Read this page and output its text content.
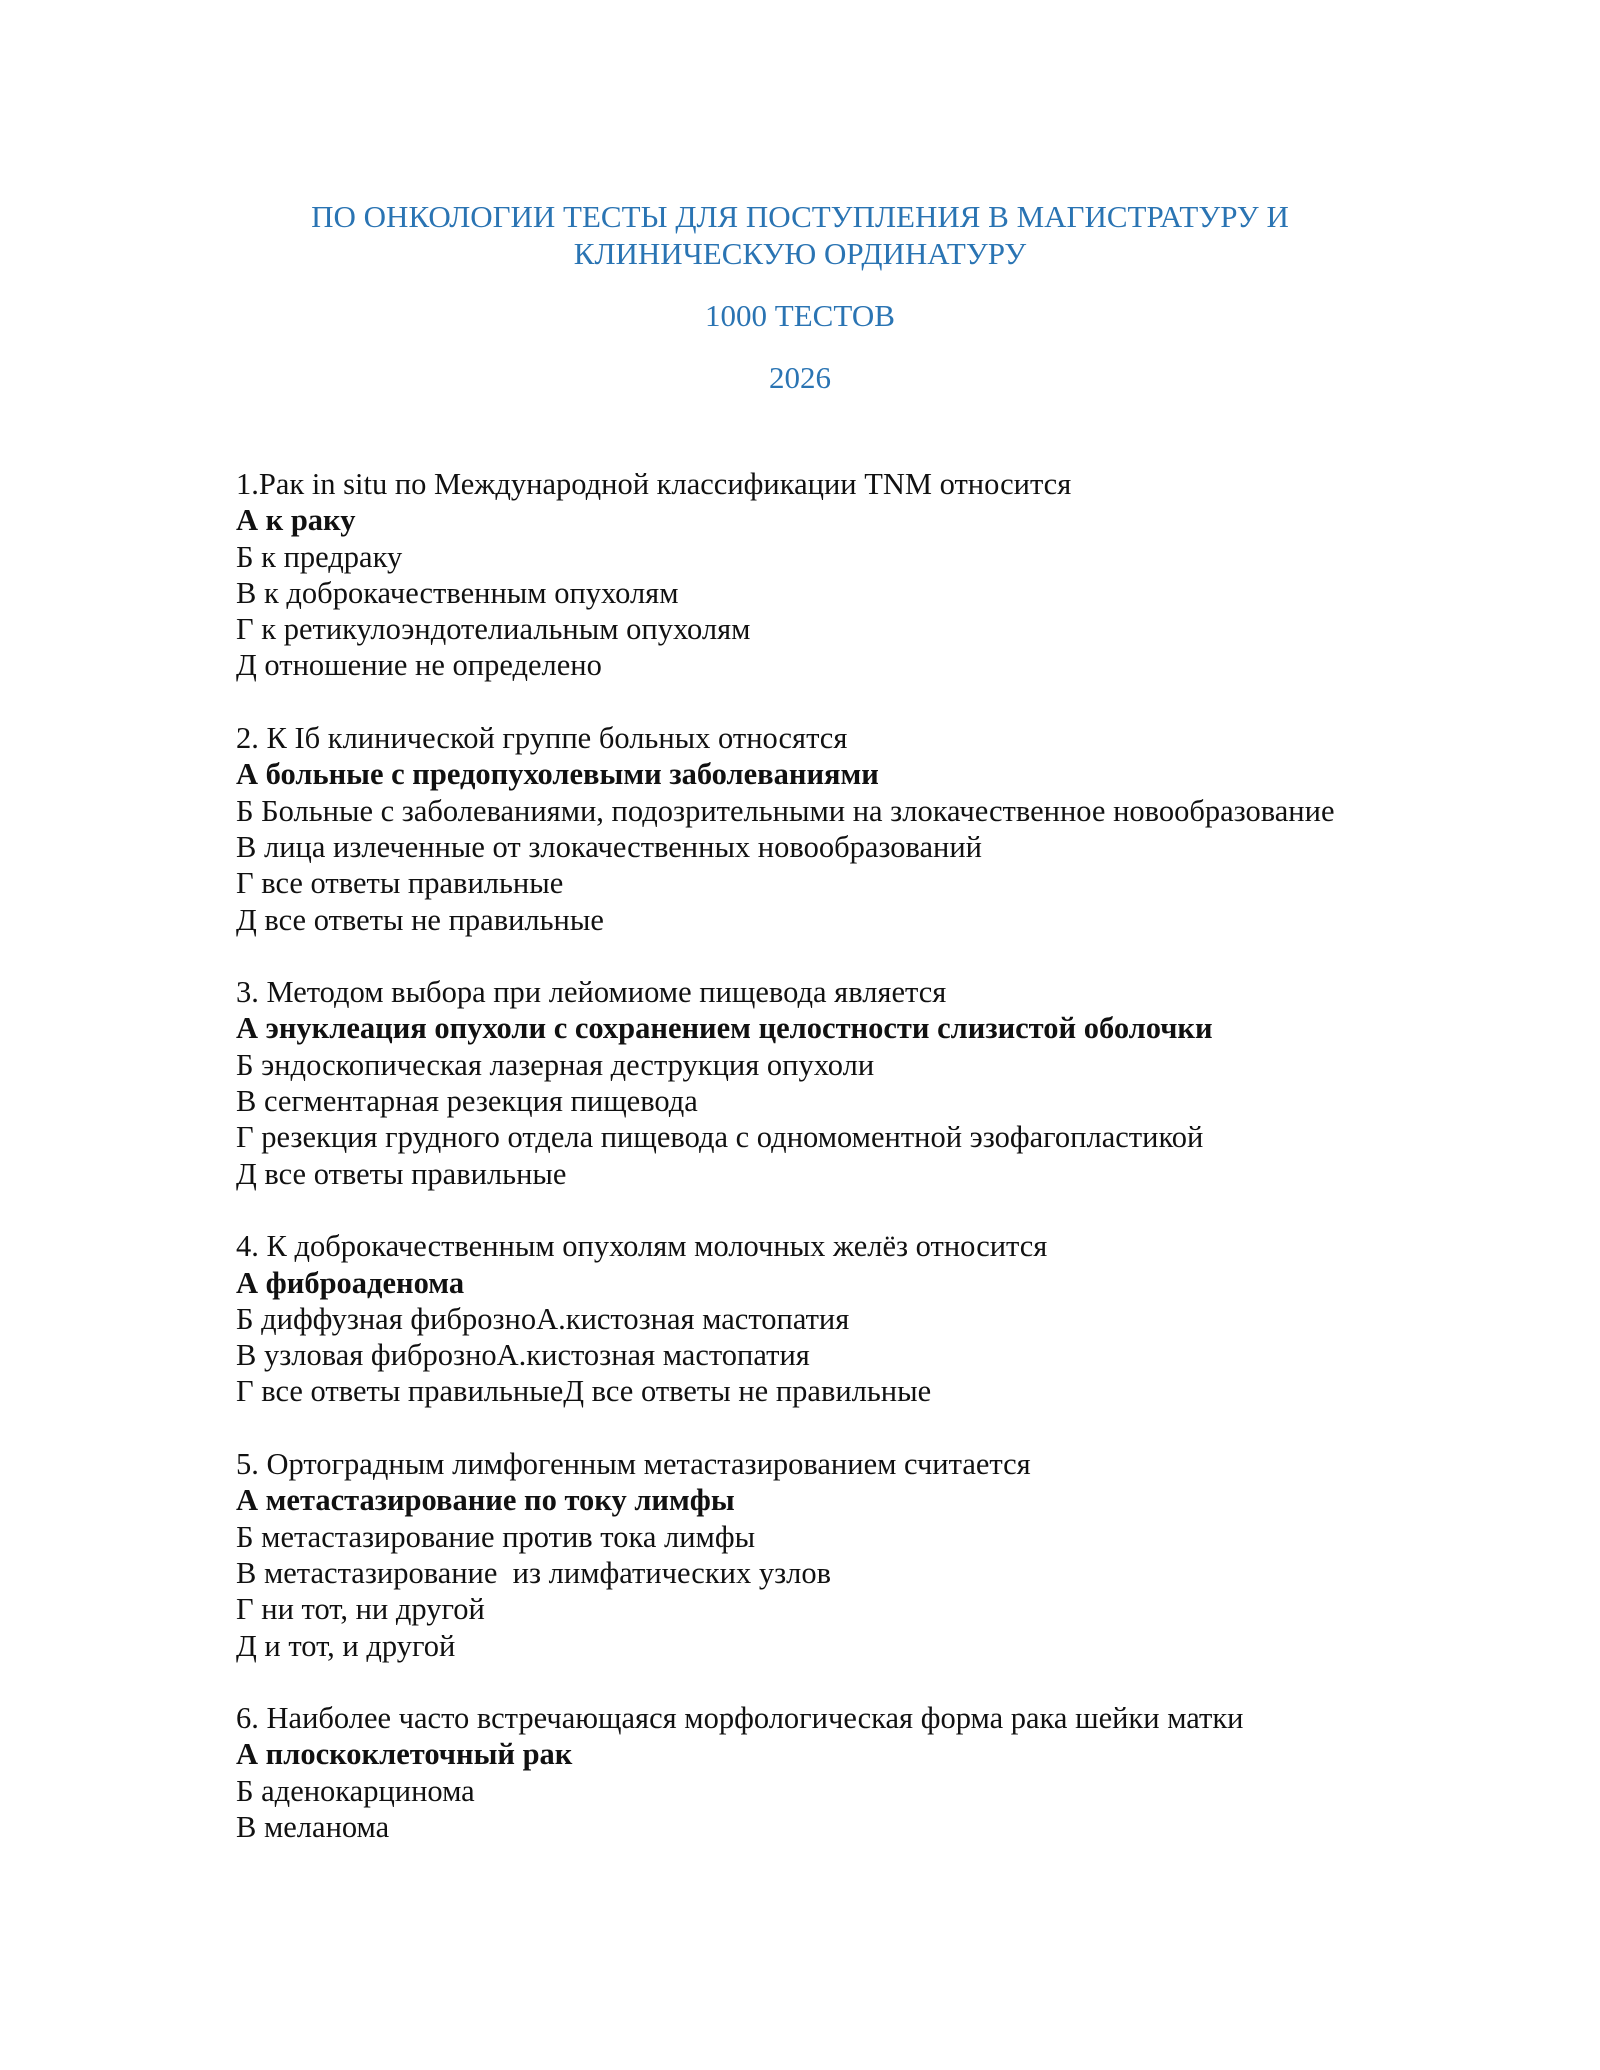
ПО ОНКОЛОГИИ ТЕСТЫ ДЛЯ ПОСТУПЛЕНИЯ В МАГИСТРАТУРУ И
КЛИНИЧЕСКУЮ ОРДИНАТУРУ
1000 ТЕСТОВ
2026
1.Рак in situ по Международной классификации TNM относится
А к раку
Б к предраку
В к доброкачественным опухолям
Г к ретикулоэндотелиальным опухолям
Д отношение не определено
2. К Iб клинической группе больных относятся
А больные с предопухолевыми заболеваниями
Б Больные с заболеваниями, подозрительными на злокачественное новообразование
В лица излеченные от злокачественных новообразований
Г все ответы правильные
Д все ответы не правильные
3. Методом выбора при лейомиоме пищевода является
А энуклеация опухоли с сохранением целостности слизистой оболочки
Б эндоскопическая лазерная деструкция опухоли
В сегментарная резекция пищевода
Г резекция грудного отдела пищевода с одномоментной эзофагопластикой
Д все ответы правильные
4. К доброкачественным опухолям молочных желёз относится
А фиброаденома
Б диффузная фиброзноА.кистозная мастопатия
В узловая фиброзноА.кистозная мастопатия
Г все ответы правильныеД все ответы не правильные
5. Ортоградным лимфогенным метастазированием считается
А метастазирование по току лимфы
Б метастазирование против тока лимфы
В метастазирование  из лимфатических узлов
Г ни тот, ни другой
Д и тот, и другой
6. Наиболее часто встречающаяся морфологическая форма рака шейки матки
А плоскоклеточный рак
Б аденокарцинома
В меланома
